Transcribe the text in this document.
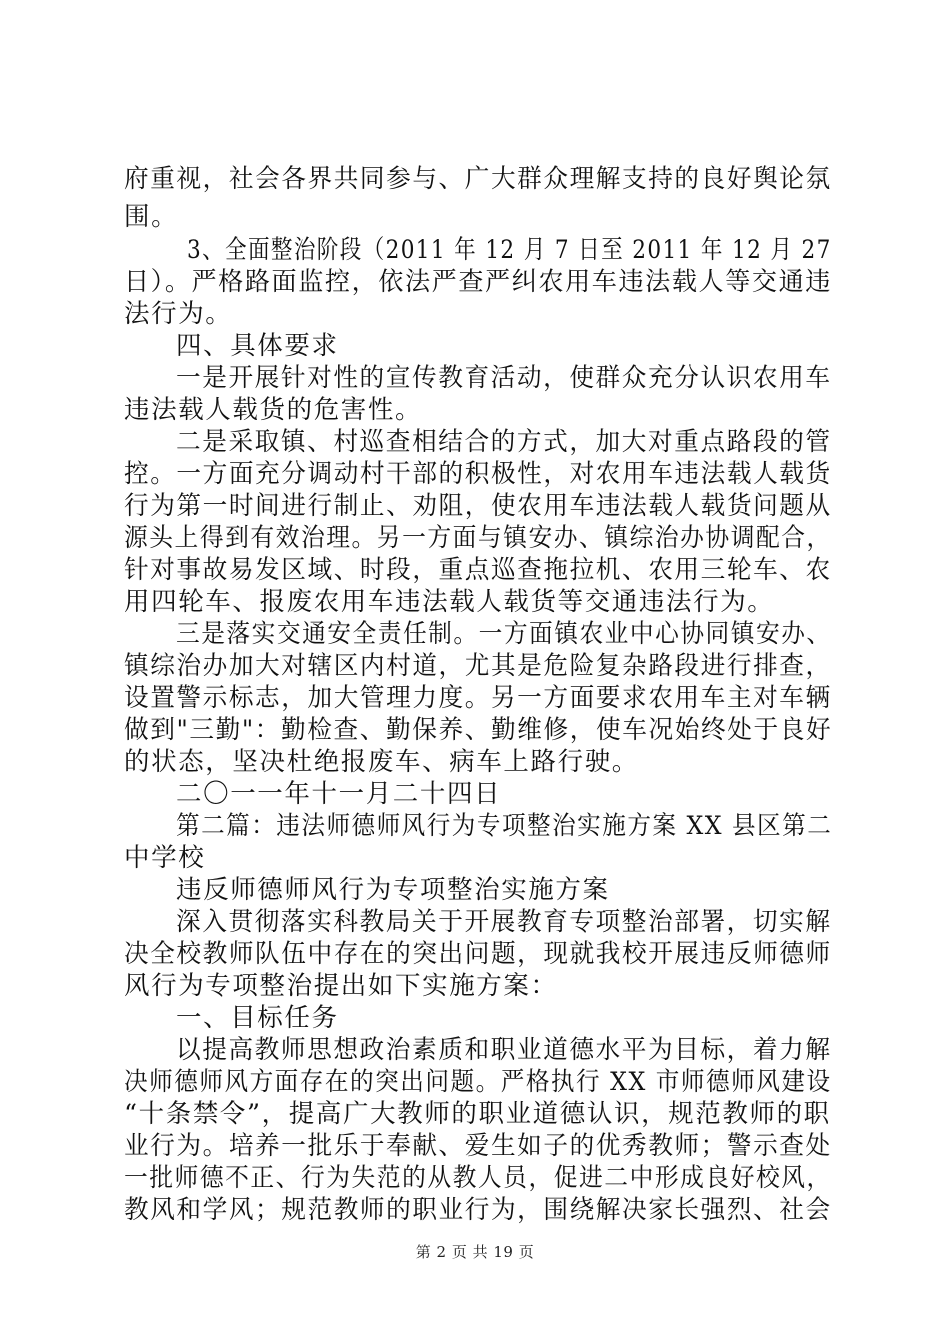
府重视，社会各界共同参与、广大群众理解支持的良好舆论氛
围。
3、全面整治阶段（2011 年 12 月 7 日至 2011 年 12 月 27
日）。严格路面监控，依法严查严纠农用车违法载人等交通违
法行为。
四、具体要求
一是开展针对性的宣传教育活动，使群众充分认识农用车
违法载人载货的危害性。
二是采取镇、村巡查相结合的方式，加大对重点路段的管
控。一方面充分调动村干部的积极性，对农用车违法载人载货
行为第一时间进行制止、劝阻，使农用车违法载人载货问题从
源头上得到有效治理。另一方面与镇安办、镇综治办协调配合，
针对事故易发区域、时段，重点巡查拖拉机、农用三轮车、农
用四轮车、报废农用车违法载人载货等交通违法行为。
三是落实交通安全责任制。一方面镇农业中心协同镇安办、
镇综治办加大对辖区内村道，尤其是危险复杂路段进行排查，
设置警示标志，加大管理力度。另一方面要求农用车主对车辆
做到"三勤"：勤检查、勤保养、勤维修，使车况始终处于良好
的状态，坚决杜绝报废车、病车上路行驶。
二〇一一年十一月二十四日
第二篇：违法师德师风行为专项整治实施方案 XX 县区第二
中学校
违反师德师风行为专项整治实施方案
深入贯彻落实科教局关于开展教育专项整治部署，切实解
决全校教师队伍中存在的突出问题，现就我校开展违反师德师
风行为专项整治提出如下实施方案：
一、目标任务
以提高教师思想政治素质和职业道德水平为目标，着力解
决师德师风方面存在的突出问题。严格执行 XX 市师德师风建设
“十条禁令”，提高广大教师的职业道德认识，规范教师的职
业行为。培养一批乐于奉献、爱生如子的优秀教师；警示查处
一批师德不正、行为失范的从教人员，促进二中形成良好校风，
教风和学风；规范教师的职业行为，围绕解决家长强烈、社会
第 2 页 共 19 页
